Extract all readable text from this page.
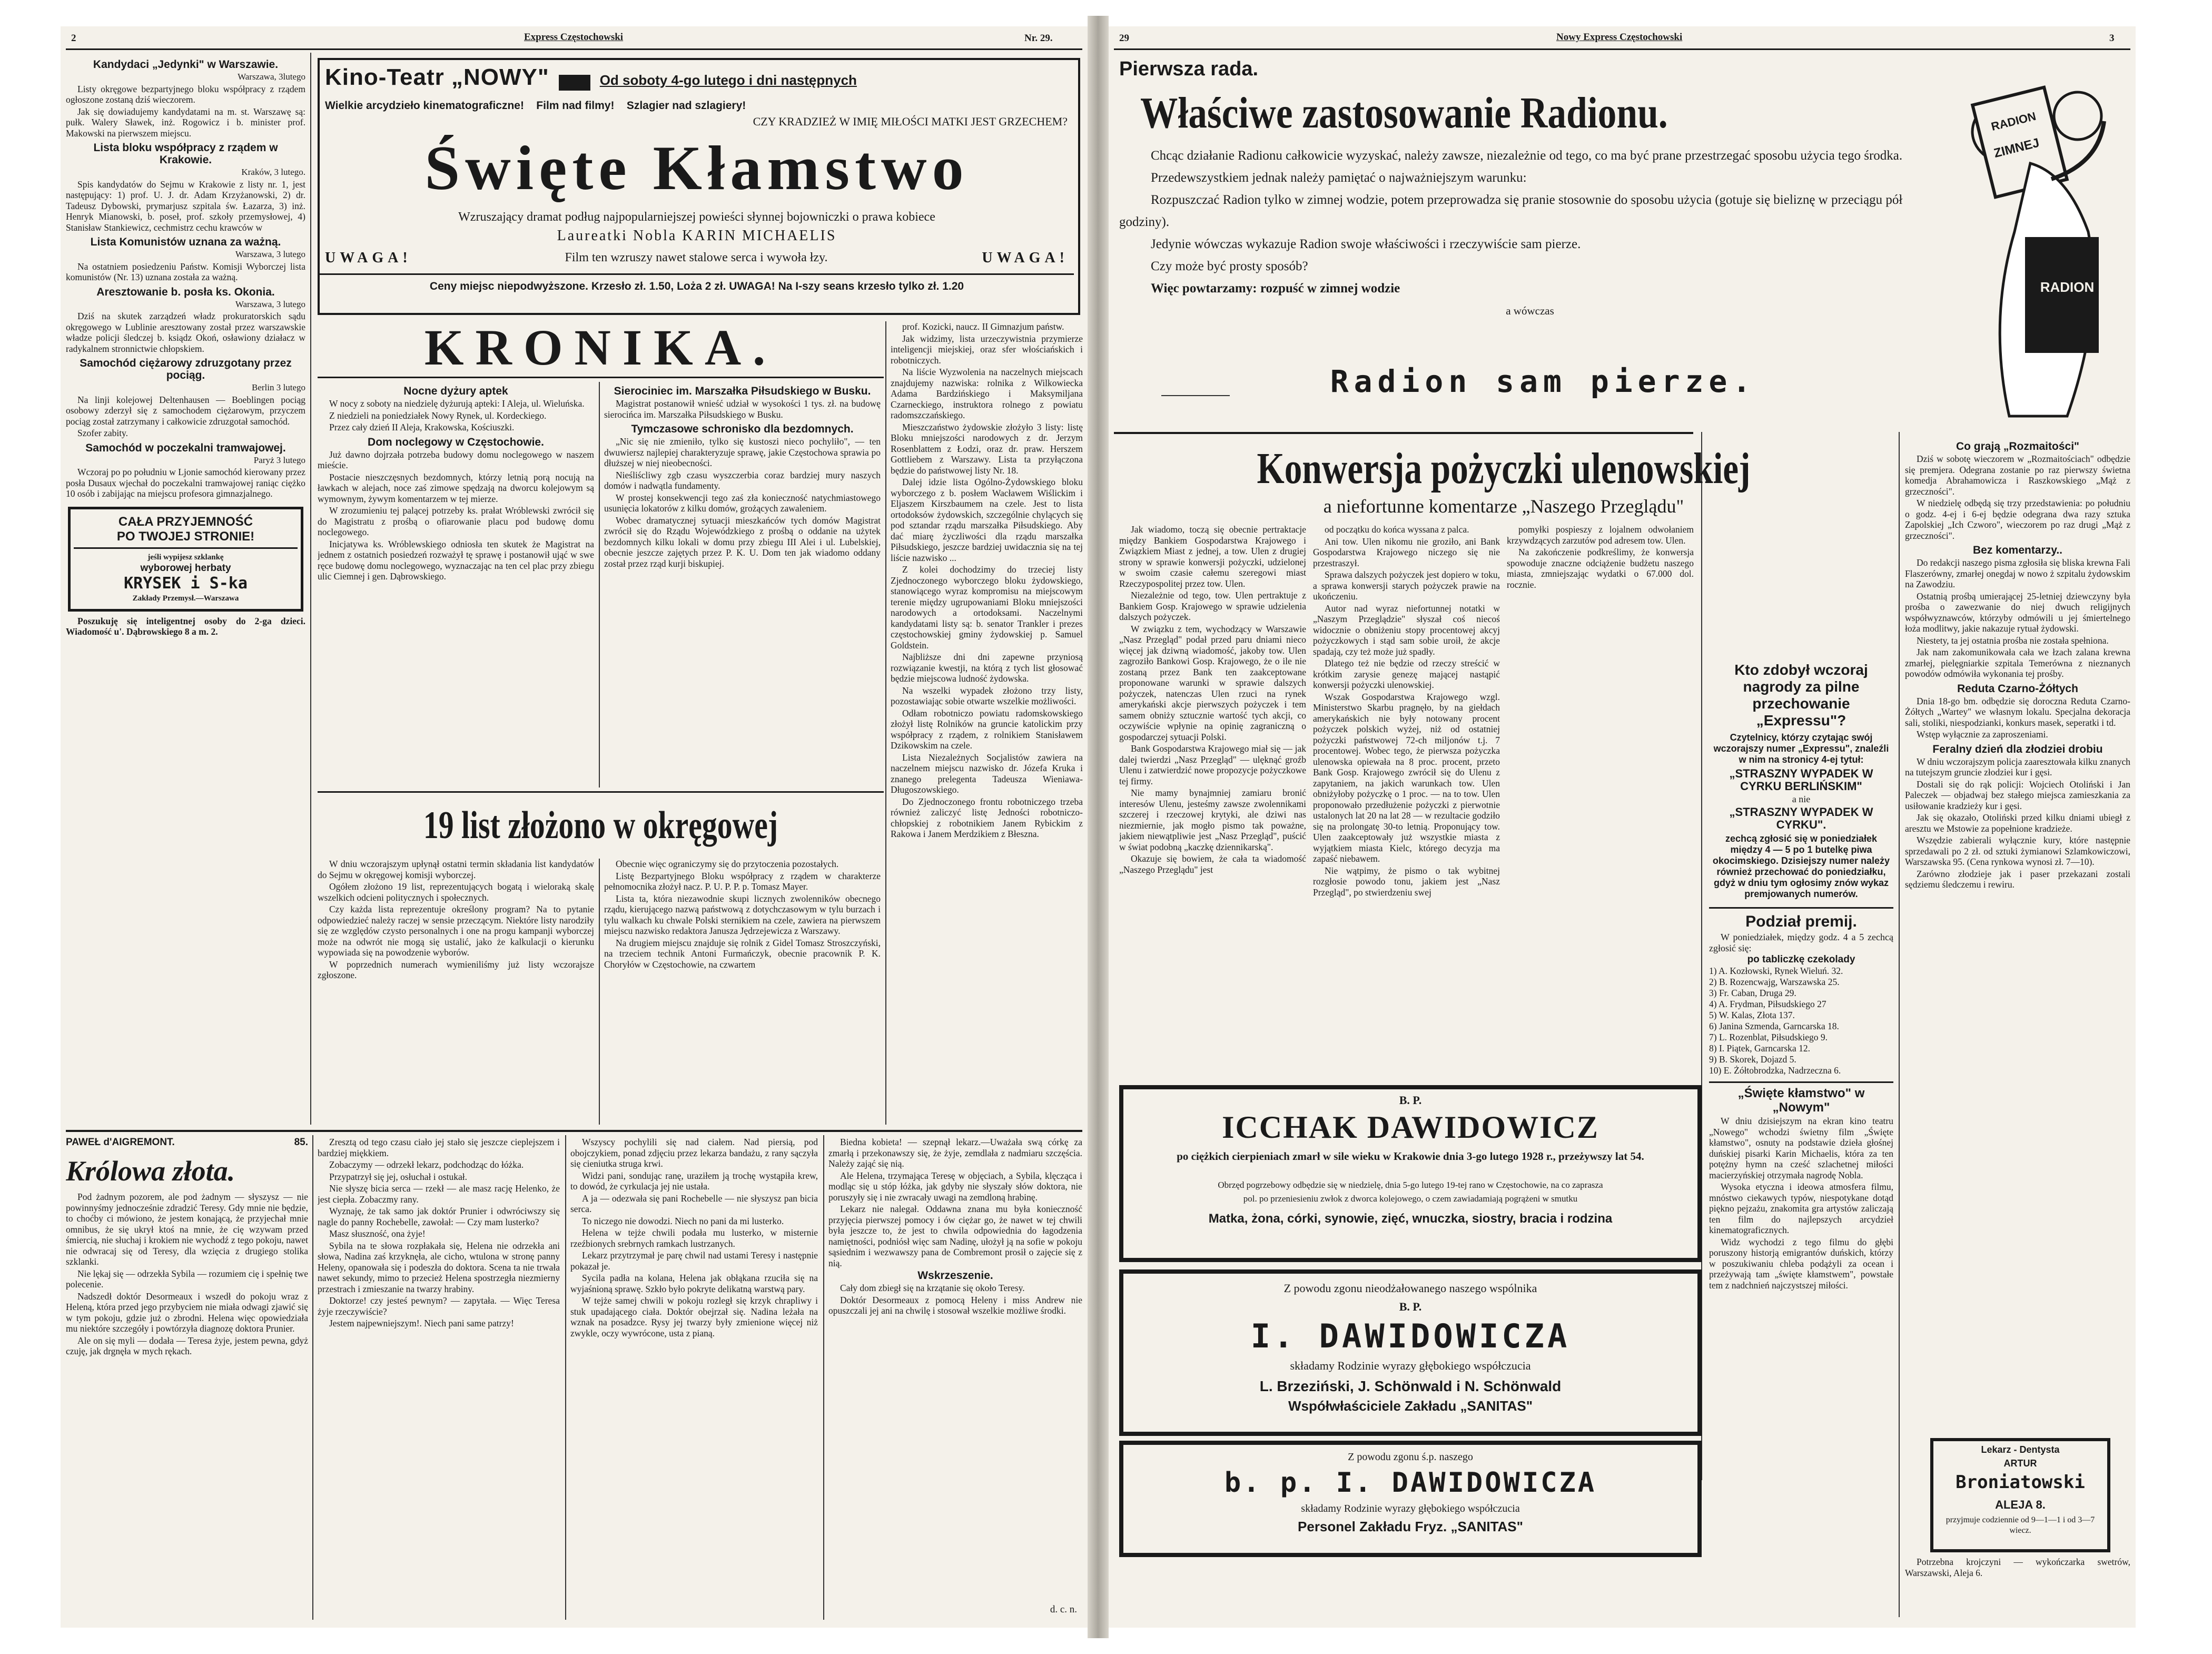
2	Express Częstochowski	Nr. 29.
Kandydaci „Jedynki" w Warszawie.
Warszawa, 3lutego

Listy okręgowe bezpartyjnego bloku współpracy z rządem ogłoszone zostaną dziś wieczorem.

Jak się dowiadujemy kandydatami na m. st. Warszawę są: pułk. Walery Sławek, inż. Rogowicz i b. minister prof. Makowski na pierwszem miejscu.

Lista bloku współpracy z rządem w Krakowie.
Kraków, 3 lutego.

Spis kandydatów do Sejmu w Krakowie z listy nr. 1, jest następujący: 1) prof. U. J. dr. Adam Krzyżanowski, 2) dr. Tadeusz Dybowski, prymarjusz szpitala św. Łazarza, 3) inż. Henryk Mianowski, b. poseł, prof. szkoły przemysłowej, 4) Stanisław Stankiewicz, cechmistrz cechu krawców w

Lista Komunistów uznana za ważną.
Warszawa, 3 lutego

Na ostatniem posiedzeniu Państw. Komisji Wyborczej lista komunistów (Nr. 13) uznana została za ważną.

Aresztowanie b. posła ks. Okonia.
Warszawa, 3 lutego

Dziś na skutek zarządzeń władz prokuratorskich sądu okręgowego w Lublinie aresztowany został przez warszawskie władze policji śledczej b. ksiądz Okoń, osławiony działacz w radykalnem stronnictwie chłopskiem.

Samochód ciężarowy zdruzgotany przez pociąg.
Berlin 3 lutego

Na linji kolejowej Deltenhausen — Boeblingen pociąg osobowy zderzył się z samochodem ciężarowym, przyczem pociąg został zatrzymany i całkowicie zdruzgotał samochód.

Szofer zabity.

Samochód w poczekalni tramwajowej.
Paryż 3 lutego

Wczoraj po po południu w Ljonie samochód kierowany przez posła Dusaux wjechał do poczekalni tramwajowej raniąc ciężko 10 osób i zabijając na miejscu profesora gimnazjalnego.

CAŁA PRZYJEMNOŚĆ
PO TWOJEJ STRONIE!
jeśli wypijesz szklankę
wyborowej herbaty
KRYSEK i S-ka
Zakłady Przemysł.—Warszawa

Poszukuję się inteligentnej osoby do 2-ga dzieci. Wiadomość u'. Dąbrowskiego 8 a m. 2.

Kino-Teatr „NOWY"	Od soboty 4-go lutego i dni następnych
Wielkie arcydzieło kinematograficzne! Film nad filmy! Szlagier nad szlagiery!
CZY KRADZIEŻ W IMIĘ MIŁOŚCI MATKI JEST GRZECHEM?
Święte Kłamstwo
Wzruszający dramat podług najpopularniejszej powieści słynnej bojowniczki o prawa kobiece
Laureatki Nobla KARIN MICHAELIS
UWAGA!	Film ten wzruszy nawet stalowe serca i wywoła łzy.	UWAGA!
Ceny miejsc niepodwyższone. Krzesło zł. 1.50, Loża 2 zł. UWAGA! Na I-szy seans krzesło tylko zł. 1.20
KRONIKA.
Nocne dyżury aptek

W nocy z soboty na niedzielę dyżurują apteki: I Aleja, ul. Wieluńska.

Z niedzieli na poniedziałek Nowy Rynek, ul. Kordeckiego.

Przez cały dzień II Aleja, Krakowska, Kościuszki.

Dom noclegowy w Częstochowie.

Już dawno dojrzała potrzeba budowy domu noclegowego w naszem mieście.

Postacie nieszczęsnych bezdomnych, którzy letnią porą nocują na ławkach w alejach, noce zaś zimowe spędzają na dworcu kolejowym są wymownym, żywym komentarzem w tej mierze.

W zrozumieniu tej palącej potrzeby ks. prałat Wróblewski zwrócił się do Magistratu z prośbą o ofiarowanie placu pod budowę domu noclegowego.

Inicjatywa ks. Wróblewskiego odniosła ten skutek że Magistrat na jednem z ostatnich posiedzeń rozważył tę sprawę i postanowił ująć w swe ręce budowę domu noclegowego, wyznaczając na ten cel plac przy zbiegu ulic Ciemnej i gen. Dąbrowskiego.

Sierociniec im. Marszałka Piłsudskiego w Busku.

Magistrat postanowił wnieść udział w wysokości 1 tys. zł. na budowę sierocińca im. Marszałka Piłsudskiego w Busku.

Tymczasowe schronisko dla bezdomnych.

„Nic się nie zmieniło, tylko się kustoszi nieco pochyliło", — ten dwuwiersz najlepiej charakteryzuje sprawę, jakie Częstochowa sprawia po dłuższej w niej nieobecności.

Nieśliścliwy zgb czasu wyszczerbia coraz bardziej mury naszych domów i nadwątla fundamenty.

W prostej konsekwencji tego zaś zła konieczność natychmiastowego usunięcia lokatorów z kilku domów, grożących zawaleniem.

Wobec dramatycznej sytuacji mieszkańców tych domów Magistrat zwrócił się do Rządu Wojewódzkiego z prośbą o oddanie na użytek bezdomnych kilku lokali w domu przy zbiegu III Alei i ul. Lubelskiej, obecnie jeszcze zajętych przez P. K. U. Dom ten jak wiadomo oddany został przez rząd kurji biskupiej.

prof. Kozicki, naucz. II Gimnazjum państw.

Jak widzimy, lista urzeczywistnia przymierze inteligencji miejskiej, oraz sfer włościańskich i robotniczych.

Na liście Wyzwolenia na naczelnych miejscach znajdujemy nazwiska: rolnika z Wilkowiecka Adama Bardzińskiego i Maksymiljana Czarneckiego, instruktora rolnego z powiatu radomszczańskiego.

Mieszczaństwo żydowskie złożyło 3 listy: listę Bloku mniejszości narodowych z dr. Jerzym Rosenblattem z Łodzi, oraz dr. praw. Herszem Gottliebem z Warszawy. Lista ta przyłączona będzie do państwowej listy Nr. 18.

Dalej idzie lista Ogólno-Żydowskiego bloku wyborczego z b. posłem Wacławem Wiślickim i Eljaszem Kirszbaumem na czele. Jest to lista ortodoksów żydowskich, szczególnie chylących się pod sztandar rządu marszałka Piłsudskiego. Aby dać miarę życzliwości dla rządu marszałka Piłsudskiego, jeszcze bardziej uwidacznia się na tej liście nazwisko ...

Z kolei dochodzimy do trzeciej listy Zjednoczonego wyborczego bloku żydowskiego, stanowiącego wyraz kompromisu na miejscowym terenie między ugrupowaniami Bloku mniejszości narodowych a ortodoksami. Naczelnymi kandydatami listy są: b. senator Trankler i prezes częstochowskiej gminy żydowskiej p. Samuel Goldstein.

Najbliższe dni dni zapewne przyniosą rozwiązanie kwestji, na którą z tych list głosować będzie miejscowa ludność żydowska.

Na wszelki wypadek złożono trzy listy, pozostawiając sobie otwarte wszelkie możliwości.

Odłam robotniczo powiatu radomskowskiego złożył listę Rolników na gruncie katolickim przy współpracy z rządem, z rolnikiem Stanisławem Dzikowskim na czele.

Lista Niezależnych Socjalistów zawiera na naczelnem miejscu nazwisko dr. Józefa Kruka i znanego prelegenta Tadeusza Wieniawa-Długoszowskiego.

Do Zjednoczonego frontu robotniczego trzeba również zaliczyć listę Jedności robotniczo-chłopskiej z robotnikiem Janem Rybickim z Rakowa i Janem Merdzikiem z Błeszna.

19 list złożono w okręgowej

W dniu wczorajszym upłynął ostatni termin składania list kandydatów do Sejmu w okręgowej komisji wyborczej.

Ogółem złożono 19 list, reprezentujących bogatą i wieloraką skalę wszelkich odcieni politycznych i społecznych.

Czy każda lista reprezentuje określony program? Na to pytanie odpowiedzieć należy raczej w sensie przeczącym. Niektóre listy narodziły się ze względów czysto personalnych i one na progu kampanji wyborczej może na odwrót nie mogą się ustalić, jako że kalkulacji o kierunku wypowiada się na powodzenie wyborów.

W poprzednich numerach wymieniliśmy już listy wczorajsze zgłoszone.

Obecnie więc ograniczymy się do przytoczenia pozostałych.

Listę Bezpartyjnego Bloku współpracy z rządem w charakterze pełnomocnika złożył nacz. P. U. P. P. p. Tomasz Mayer.

Lista ta, która niezawodnie skupi licznych zwolenników obecnego rządu, kierującego nazwą państwową z dotychczasowym w tylu burzach i tylu walkach ku chwale Polski sternikiem na czele, zawiera na pierwszem miejscu nazwisko redaktora Janusza Jędrzejewicza z Warszawy.

Na drugiem miejscu znajduje się rolnik z Gidel Tomasz Stroszczyński, na trzeciem technik Antoni Furmańczyk, obecnie pracownik P. K. Choryłów w Częstochowie, na czwartem

PAWEŁ d'AIGREMONT.	85.
Królowa złota.

Pod żadnym pozorem, ale pod żadnym — słyszysz — nie powinnyśmy jednocześnie zdradzić Teresy. Gdy mnie nie będzie, to choćby ci mówiono, że jestem konającą, że przyjechał mnie omnibus, że się ukrył ktoś na mnie, że cię wzywam przed śmiercią, nie słuchaj i krokiem nie wychodź z tego pokoju, nawet nie odwracaj się od Teresy, dla wzięcia z drugiego stolika szklanki.

Nie lękaj się — odrzekła Sybila — rozumiem cię i spełnię twe polecenie.

Nadszedł doktór Desormeaux i wszedł do pokoju wraz z Heleną, która przed jego przybyciem nie miała odwagi zjawić się w tym pokoju, gdzie już o zbrodni. Helena więc opowiedziała mu niektóre szczegóły i powtórzyła diagnozę doktora Prunier.

Ale on się myli — dodała — Teresa żyje, jestem pewna, gdyż czuję, jak drgnęła w mych rękach.

Zresztą od tego czasu ciało jej stało się jeszcze cieplejszem i bardziej miękkiem.

Zobaczymy — odrzekł lekarz, podchodząc do łóżka.

Przypatrzył się jej, osłuchał i ostukał.

Nie słyszę bicia serca — rzekł — ale masz rację Helenko, że jest ciepła. Zobaczmy rany.

Wyznaję, że tak samo jak doktór Prunier i odwróciwszy się nagle do panny Rochebelle, zawołał: — Czy mam lusterko?

Masz słuszność, ona żyje!

Sybila na te słowa rozpłakała się, Helena nie odrzekła ani słowa, Nadina zaś krzyknęła, ale cicho, wtulona w stronę panny Heleny, opanowała się i podeszła do doktora. Scena ta nie trwała nawet sekundy, mimo to przecież Helena spostrzegła niezmierny przestrach i zmieszanie na twarzy hrabiny.

Doktorze! czy jesteś pewnym? — zapytała. — Więc Teresa żyje rzeczywiście?

Jestem najpewniejszym!. Niech pani same patrzy!

Wszyscy pochylili się nad ciałem. Nad piersią, pod obojczykiem, ponad zdjęciu przez lekarza bandażu, z rany sączyła się cieniutka struga krwi.

Widzi pani, sondując ranę, uraziłem ją trochę wystąpiła krew, to dowód, że cyrkulacja jej nie ustała.

A ja — odezwała się pani Rochebelle — nie słyszysz pan bicia serca.

To niczego nie dowodzi. Niech no pani da mi lusterko.

Helena w tejże chwili podała mu lusterko, w misternie rzeźbionych srebrnych ramkach lustrzanych.

Lekarz przytrzymał je parę chwil nad ustami Teresy i następnie pokazał je.

Sycila padła na kolana, Helena jak obłąkana rzuciła się na wyjaśnioną sprawę. Szkło było pokryte delikatną warstwą pary.

W tejże samej chwili w pokoju rozległ się krzyk chrapliwy i stuk upadającego ciała. Doktór obejrzał się. Nadina leżała na wznak na posadzce. Rysy jej twarzy były zmienione więcej niż zwykle, oczy wywrócone, usta z pianą.

Biedna kobieta! — szepnął lekarz.—Uważała swą córkę za zmarłą i przekonawszy się, że żyje, zemdlała z nadmiaru szczęścia. Należy zająć się nią.

Ale Helena, trzymająca Teresę w objęciach, a Sybila, klęcząca i modląc się u stóp łóżka, jak gdyby nie słyszały słów doktora, nie poruszyły się i nie zwracały uwagi na zemdloną hrabinę.

Lekarz nie nalegał. Oddawna znana mu była konieczność przyjęcia pierwszej pomocy i ów ciężar go, że nawet w tej chwili była jeszcze to, że jest to chwila odpowiednia do łagodzenia namiętności, podniósł więc sam Nadinę, ułożył ją na sofie w pokoju sąsiednim i wezwawszy pana de Combremont prosił o zajęcie się z nią.

Wskrzeszenie.

Cały dom zbiegł się na krzątanie się około Teresy.

Doktór Desormeaux z pomocą Heleny i miss Andrew nie opuszczali jej ani na chwilę i stosował wszelkie możliwe środki.

d. c. n.
29	Nowy Express Częstochowski	3
Pierwsza rada.
Właściwe zastosowanie Radionu.
Chcąc działanie Radionu całkowicie wyzyskać, należy zawsze, niezależnie od tego, co ma być prane przestrzegać sposobu użycia tego środka.
Przedewszystkiem jednak należy pamiętać o najważniejszym warunku:
Rozpuszczać Radion tylko w zimnej wodzie, potem przeprowadza się pranie stosownie do sposobu użycia (gotuje się bieliznę w przeciągu pół godziny).
Jedynie wówczas wykazuje Radion swoje właściwości i rzeczywiście sam pierze.
Czy może być prosty sposób?
Więc powtarzamy: rozpuść w zimnej wodzie
a wówczas
Radion sam pierze.
RADION
ZIMNEJ
RADION
Konwersja pożyczki ulenowskiej
a niefortunne komentarze „Naszego Przeglądu"

Jak wiadomo, toczą się obecnie pertraktacje między Bankiem Gospodarstwa Krajowego i Związkiem Miast z jednej, a tow. Ulen z drugiej strony w sprawie konwersji pożyczki, udzielonej w swoim czasie całemu szeregowi miast Rzeczypospolitej przez tow. Ulen.

Niezależnie od tego, tow. Ulen pertraktuje z Bankiem Gosp. Krajowego w sprawie udzielenia dalszych pożyczek.

W związku z tem, wychodzący w Warszawie „Nasz Przegląd" podał przed paru dniami nieco więcej jak dziwną wiadomość, jakoby tow. Ulen zagroziło Bankowi Gosp. Krajowego, że o ile nie zostaną przez Bank ten zaakceptowane proponowane warunki w sprawie dalszych pożyczek, natenczas Ulen rzuci na rynek amerykański akcje pierwszych pożyczek i tem samem obniży sztucznie wartość tych akcji, co oczywiście wpłynie na opinię zagraniczną o gospodarczej sytuacji Polski.

Bank Gospodarstwa Krajowego miał się — jak dalej twierdzi „Nasz Przegląd" — ulęknąć groźb Ulenu i zatwierdzić nowe propozycje pożyczkowe tej firmy.

Nie mamy bynajmniej zamiaru bronić interesów Ulenu, jesteśmy zawsze zwolennikami szczerej i rzeczowej krytyki, ale dziwi nas niezmiernie, jak mogło pismo tak poważne, jakiem niewątpliwie jest „Nasz Przegląd", puścić w świat podobną „kaczkę dziennikarską".

Okazuje się bowiem, że cała ta wiadomość „Naszego Przeglądu" jest

od początku do końca wyssana z palca.

Ani tow. Ulen nikomu nie groziło, ani Bank Gospodarstwa Krajowego niczego się nie przestraszył.

Sprawa dalszych pożyczek jest dopiero w toku, a sprawa konwersji starych pożyczek prawie na ukończeniu.

Autor nad wyraz niefortunnej notatki w „Naszym Przeglądzie" słyszał coś niecoś widocznie o obniżeniu stopy procentowej akcyj pożyczkowych i stąd sam sobie uroił, że akcje spadają, czy też może już spadły.

Dlatego też nie będzie od rzeczy streścić w krótkim zarysie genezę mającej nastąpić konwersji pożyczki ulenowskiej.

Wszak Gospodarstwa Krajowego wzgl. Ministerstwo Skarbu pragnęło, by na giełdach amerykańskich nie były notowany procent pożyczek polskich wyżej, niż od ostatniej pożyczki państwowej 72-ch miljonów t.j. 7 procentowej. Wobec tego, że pierwsza pożyczka ulenowska opiewała na 8 proc. procent, przeto Bank Gosp. Krajowego zwrócił się do Ulenu z zapytaniem, na jakich warunkach tow. Ulen obniżyłoby pożyczkę o 1 proc. — na to tow. Ulen proponowało przedłużenie pożyczki z pierwotnie ustalonych lat 20 na lat 28 — w rezultacie godziło się na prolongatę 30-to letnią. Proponujący tow. Ulen zaakceptowały już wszystkie miasta z wyjątkiem miasta Kielc, którego decyzja ma zapaść niebawem.

Nie wątpimy, że pismo o tak wybitnej rozgłosie powodo tonu, jakiem jest „Nasz Przegląd", po stwierdzeniu swej

pomyłki pospieszy z lojalnem odwołaniem krzywdzących zarzutów pod adresem tow. Ulen.

Na zakończenie podkreślimy, że konwersja spowoduje znaczne odciążenie budżetu naszego miasta, zmniejszając wydatki o 67.000 dol. rocznie.

B. P.
ICCHAK DAWIDOWICZ
po ciężkich cierpieniach zmarł w sile wieku w Krakowie dnia 3-go lutego 1928 r., przeżywszy lat 54.
Obrzęd pogrzebowy odbędzie się w niedzielę, dnia 5-go lutego 19-tej rano w Częstochowie, na co zaprasza
pol. po przeniesieniu zwłok z dworca kolejowego, o czem zawiadamiają pogrążeni w smutku
Matka, żona, córki, synowie, zięć, wnuczka, siostry, bracia i rodzina
Z powodu zgonu nieodżałowanego naszego wspólnika
B. P.
I. DAWIDOWICZA
składamy Rodzinie wyrazy głębokiego współczucia
L. Brzeziński, J. Schönwald i N. Schönwald
Współwłaściciele Zakładu „SANITAS"
Z powodu zgonu ś.p. naszego
b. p. I. DAWIDOWICZA
składamy Rodzinie wyrazy głębokiego współczucia
Personel Zakładu Fryz. „SANITAS"
Kto zdobył wczoraj nagrody za pilne przechowanie „Expressu"?
Czytelnicy, którzy czytając swój wczorajszy numer „Expressu", znaleźli w nim na stronicy 4-ej tytuł:
„STRASZNY WYPADEK W CYRKU BERLIŃSKIM"
a nie
„STRASZNY WYPADEK W CYRKU".
zechcą zgłosić się w poniedziałek między 4 — 5 po 1 butelkę piwa okocimskiego. Dzisiejszy numer należy również przechować do poniedziałku, gdyż w dniu tym ogłosimy znów wykaz premjowanych numerów.
Podział premij.
W poniedziałek, między godz. 4 a 5 zechcą zgłosić się:
po tabliczkę czekolady
1) A. Kozłowski, Rynek Wieluń. 32.
2) B. Rozencwajg, Warszawska 25.
3) Fr. Caban, Druga 29.
4) A. Frydman, Piłsudskiego 27
5) W. Kalas, Złota 137.
6) Janina Szmenda, Garncarska 18.
7) L. Rozenblat, Piłsudskiego 9.
8) I. Piątek, Garncarska 12.
9) B. Skorek, Dojazd 5.
10) E. Żółtobrodzka, Nadrzeczna 6.
„Święte kłamstwo" w „Nowym"

W dniu dzisiejszym na ekran kino teatru „Nowego" wchodzi świetny film „Święte kłamstwo", osnuty na podstawie dzieła głośnej duńskiej pisarki Karin Michaelis, która za ten potężny hymn na cześć szlachetnej miłości macierzyńskiej otrzymała nagrodę Nobla.

Wysoka etyczna i ideowa atmosfera filmu, mnóstwo ciekawych typów, niespotykane dotąd piękno pejzażu, znakomita gra artystów zaliczają ten film do najlepszych arcydzieł kinematograficznych.

Widz wychodzi z tego filmu do głębi poruszony historją emigrantów duńskich, którzy w poszukiwaniu chleba podążyli za ocean i przeżywają tam „święte kłamstwem", powstałe tem z nadchnień najczystszej miłości.

Co grają „Rozmaitości"

Dziś w sobotę wieczorem w „Rozmaitościach" odbędzie się premjera. Odegrana zostanie po raz pierwszy świetna komedja Abrahamowicza i Raszkowskiego „Mąż z grzeczności".

W niedzielę odbędą się trzy przedstawienia: po południu o godz. 4-ej i 6-ej będzie odegrana dwa razy sztuka Zapolskiej „Ich Czworo", wieczorem po raz drugi „Mąż z grzeczności".

Bez komentarzy..

Do redakcji naszego pisma zgłosiła się bliska krewna Fali Flaszerówny, zmarłej onegdaj w nowo ż szpitalu żydowskim na Zawodziu.

Ostatnią prośbą umierającej 25-letniej dziewczyny była prośba o zawezwanie do niej dwuch religijnych współwyznawców, którzyby odmówili u jej śmiertelnego łoża modlitwy, jakie nakazuje rytuał żydowski.

Niestety, ta jej ostatnia prośba nie została spełniona.

Jak nam zakomunikowała cała we łzach zalana krewna zmarłej, pielęgniarkie szpitala Temerówna z nieznanych powodów odmówiła wykonania tej prośby.

Reduta Czarno-Żółtych

Dnia 18-go bm. odbędzie się doroczna Reduta Czarno-Żółtych „Wartey" we własnym lokalu. Specjalna dekoracja sali, stoliki, niespodzianki, konkurs masek, seperatki i td.

Wstęp wyłącznie za zaproszeniami.

Feralny dzień dla złodziei drobiu

W dniu wczorajszym policja zaaresztowała kilku znanych na tutejszym gruncie złodziei kur i gęsi.

Dostali się do rąk policji: Wojciech Otoliński i Jan Paleczek — objadwaj bez stałego miejsca zamieszkania za usiłowanie kradzieży kur i gęsi.

Jak się okazało, Otoliński przed kilku dniami ubiegł z aresztu we Mstowie za popełnione kradzieże.

Wszędzie zabierali wyłącznie kury, które następnie sprzedawali po 2 zł. od sztuki żymianowi Szlamkowiczowi, Warszawska 95. (Cena rynkowa wynosi zł. 7—10).

Zarówno złodzieje jak i paser przekazani zostali sędziemu śledczemu i rewiru.

Lekarz - Dentysta
ARTUR
Broniatowski
ALEJA 8.
przyjmuje codziennie od 9—1—1 i od 3—7 wiecz.
Potrzebna krojczyni — wykończarka swetrów, Warszawski, Aleja 6.
